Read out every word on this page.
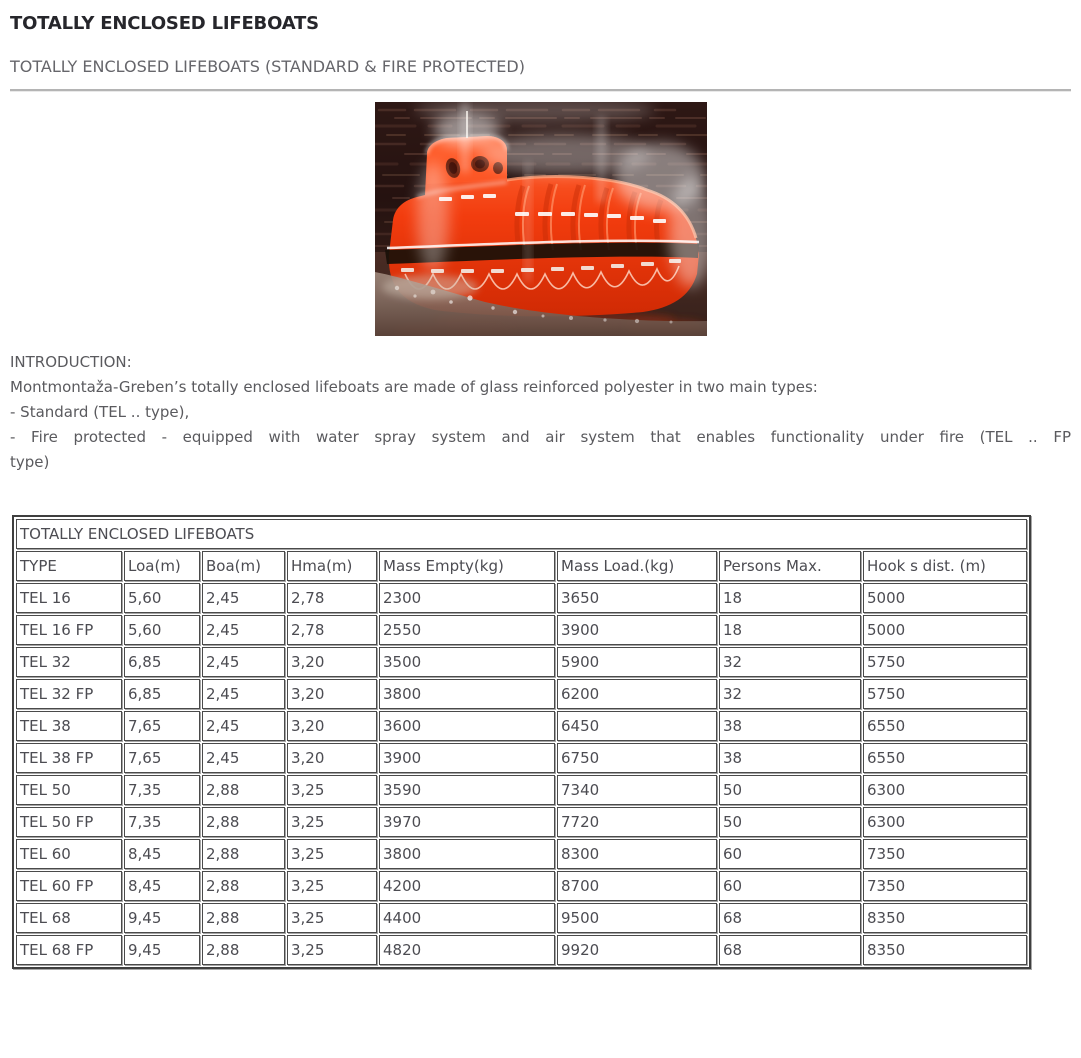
TOTALLY ENCLOSED LIFEBOATS
TOTALLY ENCLOSED LIFEBOATS (STANDARD & FIRE PROTECTED)
INTRODUCTION:
Montmontaža-Greben’s totally enclosed lifeboats are made of glass reinforced polyester in two main types:
- Standard (TEL .. type),
- Fire protected - equipped with water spray system and air system that enables functionality under fire (TEL .. FP
type)
TOTALLY ENCLOSED LIFEBOATS							
TYPE	Loa(m)	Boa(m)	Hma(m)	Mass Empty(kg)	Mass Load.(kg)	Persons Max.	Hook s dist. (m)
TEL 16	5,60	2,45	2,78	2300	3650	18	5000
TEL 16 FP	5,60	2,45	2,78	2550	3900	18	5000
TEL 32	6,85	2,45	3,20	3500	5900	32	5750
TEL 32 FP	6,85	2,45	3,20	3800	6200	32	5750
TEL 38	7,65	2,45	3,20	3600	6450	38	6550
TEL 38 FP	7,65	2,45	3,20	3900	6750	38	6550
TEL 50	7,35	2,88	3,25	3590	7340	50	6300
TEL 50 FP	7,35	2,88	3,25	3970	7720	50	6300
TEL 60	8,45	2,88	3,25	3800	8300	60	7350
TEL 60 FP	8,45	2,88	3,25	4200	8700	60	7350
TEL 68	9,45	2,88	3,25	4400	9500	68	8350
TEL 68 FP	9,45	2,88	3,25	4820	9920	68	8350
